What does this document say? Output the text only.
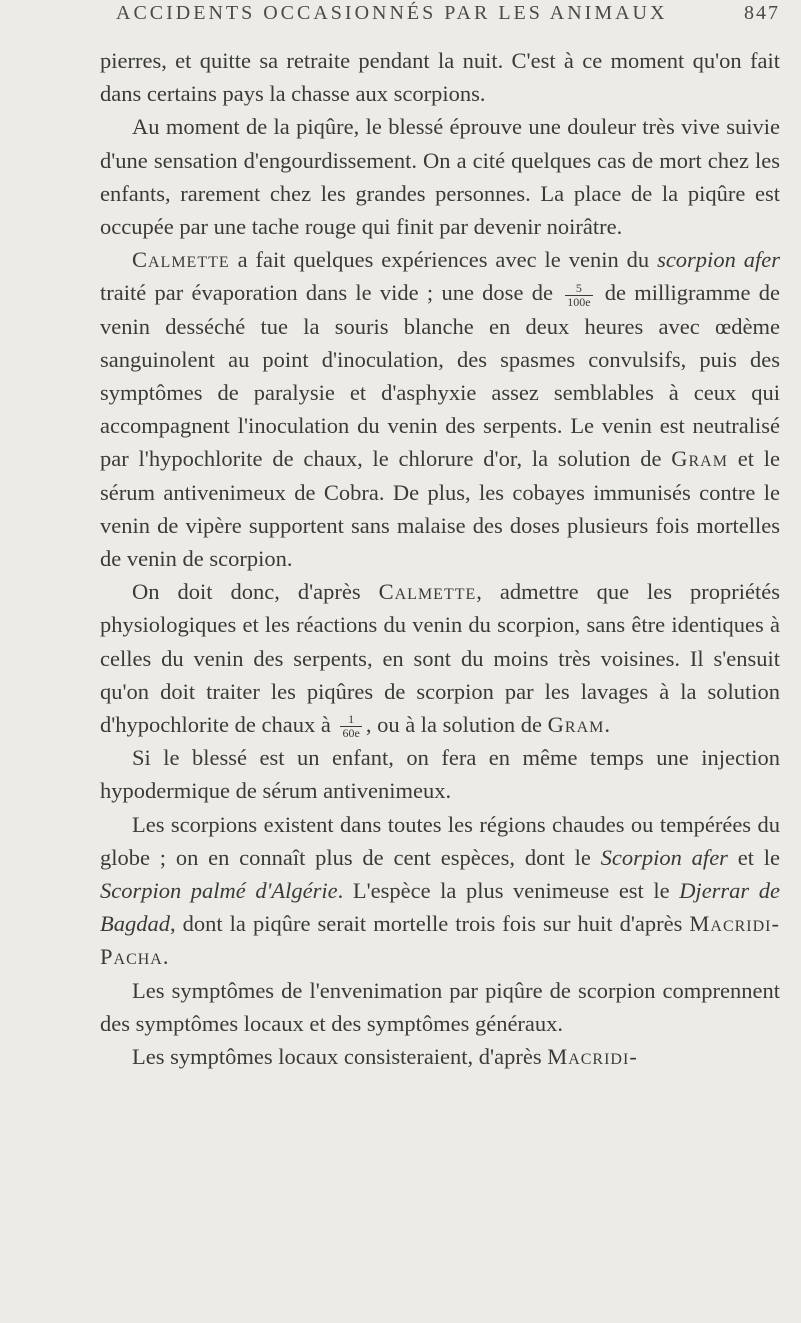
ACCIDENTS OCCASIONNÉS PAR LES ANIMAUX	847

pierres, et quitte sa retraite pendant la nuit. C'est à ce moment qu'on fait dans certains pays la chasse aux scorpions.

Au moment de la piqûre, le blessé éprouve une douleur très vive suivie d'une sensation d'engourdissement. On a cité quelques cas de mort chez les enfants, rarement chez les grandes personnes. La place de la piqûre est occupée par une tache rouge qui finit par devenir noirâtre.

Calmette a fait quelques expériences avec le venin du scorpion afer traité par évaporation dans le vide ; une dose de $\frac{5}{100e}$ de milligramme de venin desséché tue la souris blanche en deux heures avec œdème sanguinolent au point d'inoculation, des spasmes convulsifs, puis des symptômes de paralysie et d'asphyxie assez semblables à ceux qui accompagnent l'inoculation du venin des serpents. Le venin est neutralisé par l'hypochlorite de chaux, le chlorure d'or, la solution de Gram et le sérum antivenimeux de Cobra. De plus, les cobayes immunisés contre le venin de vipère supportent sans malaise des doses plusieurs fois mortelles de venin de scorpion.

On doit donc, d'après Calmette, admettre que les propriétés physiologiques et les réactions du venin du scorpion, sans être identiques à celles du venin des serpents, en sont du moins très voisines. Il s'ensuit qu'on doit traiter les piqûres de scorpion par les lavages à la solution d'hypochlorite de chaux à $\frac{1}{60e}$ , ou à la solution de Gram.

Si le blessé est un enfant, on fera en même temps une injection hypodermique de sérum antivenimeux.

Les scorpions existent dans toutes les régions chaudes ou tempérées du globe ; on en connaît plus de cent espèces, dont le Scorpion afer et le Scorpion palmé d'Algérie. L'espèce la plus venimeuse est le Djerrar de Bagdad, dont la piqûre serait mortelle trois fois sur huit d'après Macridi-Pacha.

Les symptômes de l'envenimation par piqûre de scorpion comprennent des symptômes locaux et des symptômes généraux.

Les symptômes locaux consisteraient, d'après Macridi-
